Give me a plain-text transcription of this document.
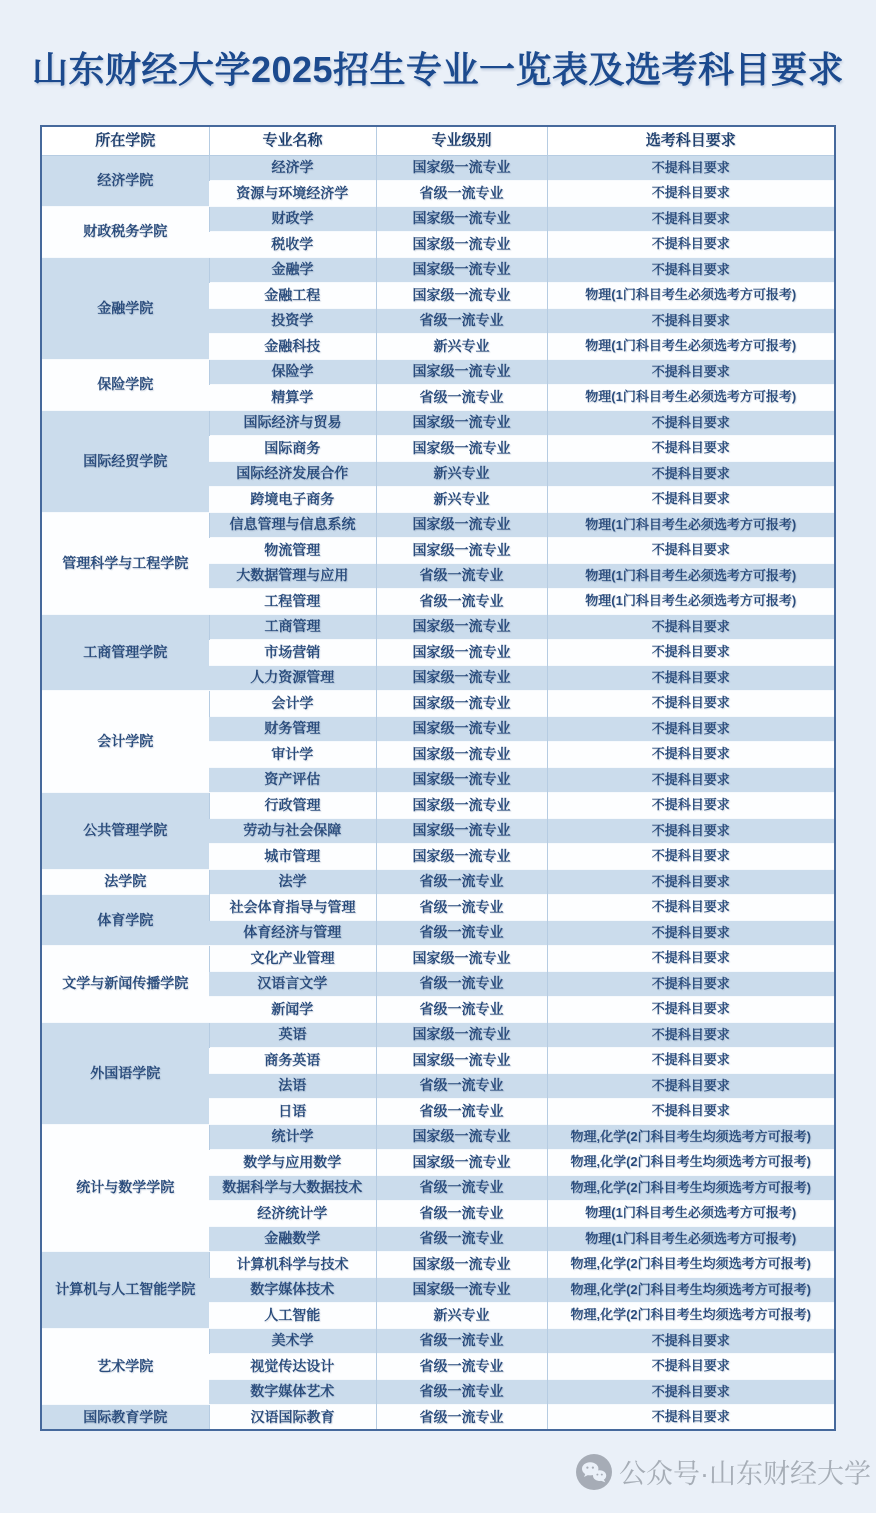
山东财经大学2025招生专业一览表及选考科目要求
所在学院	专业名称	专业级别	选考科目要求
经济学院	经济学	国家级一流专业	不提科目要求
	资源与环境经济学	省级一流专业	不提科目要求
财政税务学院	财政学	国家级一流专业	不提科目要求
	税收学	国家级一流专业	不提科目要求
金融学院	金融学	国家级一流专业	不提科目要求
	金融工程	国家级一流专业	物理(1门科目考生必须选考方可报考)
	投资学	省级一流专业	不提科目要求
	金融科技	新兴专业	物理(1门科目考生必须选考方可报考)
保险学院	保险学	国家级一流专业	不提科目要求
	精算学	省级一流专业	物理(1门科目考生必须选考方可报考)
国际经贸学院	国际经济与贸易	国家级一流专业	不提科目要求
	国际商务	国家级一流专业	不提科目要求
	国际经济发展合作	新兴专业	不提科目要求
	跨境电子商务	新兴专业	不提科目要求
管理科学与工程学院	信息管理与信息系统	国家级一流专业	物理(1门科目考生必须选考方可报考)
	物流管理	国家级一流专业	不提科目要求
	大数据管理与应用	省级一流专业	物理(1门科目考生必须选考方可报考)
	工程管理	省级一流专业	物理(1门科目考生必须选考方可报考)
工商管理学院	工商管理	国家级一流专业	不提科目要求
	市场营销	国家级一流专业	不提科目要求
	人力资源管理	国家级一流专业	不提科目要求
会计学院	会计学	国家级一流专业	不提科目要求
	财务管理	国家级一流专业	不提科目要求
	审计学	国家级一流专业	不提科目要求
	资产评估	国家级一流专业	不提科目要求
公共管理学院	行政管理	国家级一流专业	不提科目要求
	劳动与社会保障	国家级一流专业	不提科目要求
	城市管理	国家级一流专业	不提科目要求
法学院	法学	省级一流专业	不提科目要求
体育学院	社会体育指导与管理	省级一流专业	不提科目要求
	体育经济与管理	省级一流专业	不提科目要求
文学与新闻传播学院	文化产业管理	国家级一流专业	不提科目要求
	汉语言文学	省级一流专业	不提科目要求
	新闻学	省级一流专业	不提科目要求
外国语学院	英语	国家级一流专业	不提科目要求
	商务英语	国家级一流专业	不提科目要求
	法语	省级一流专业	不提科目要求
	日语	省级一流专业	不提科目要求
统计与数学学院	统计学	国家级一流专业	物理,化学(2门科目考生均须选考方可报考)
	数学与应用数学	国家级一流专业	物理,化学(2门科目考生均须选考方可报考)
	数据科学与大数据技术	省级一流专业	物理,化学(2门科目考生均须选考方可报考)
	经济统计学	省级一流专业	物理(1门科目考生必须选考方可报考)
	金融数学	省级一流专业	物理(1门科目考生必须选考方可报考)
计算机与人工智能学院	计算机科学与技术	国家级一流专业	物理,化学(2门科目考生均须选考方可报考)
	数字媒体技术	国家级一流专业	物理,化学(2门科目考生均须选考方可报考)
	人工智能	新兴专业	物理,化学(2门科目考生均须选考方可报考)
艺术学院	美术学	省级一流专业	不提科目要求
	视觉传达设计	省级一流专业	不提科目要求
	数字媒体艺术	省级一流专业	不提科目要求
国际教育学院	汉语国际教育	省级一流专业	不提科目要求
公众号·山东财经大学
